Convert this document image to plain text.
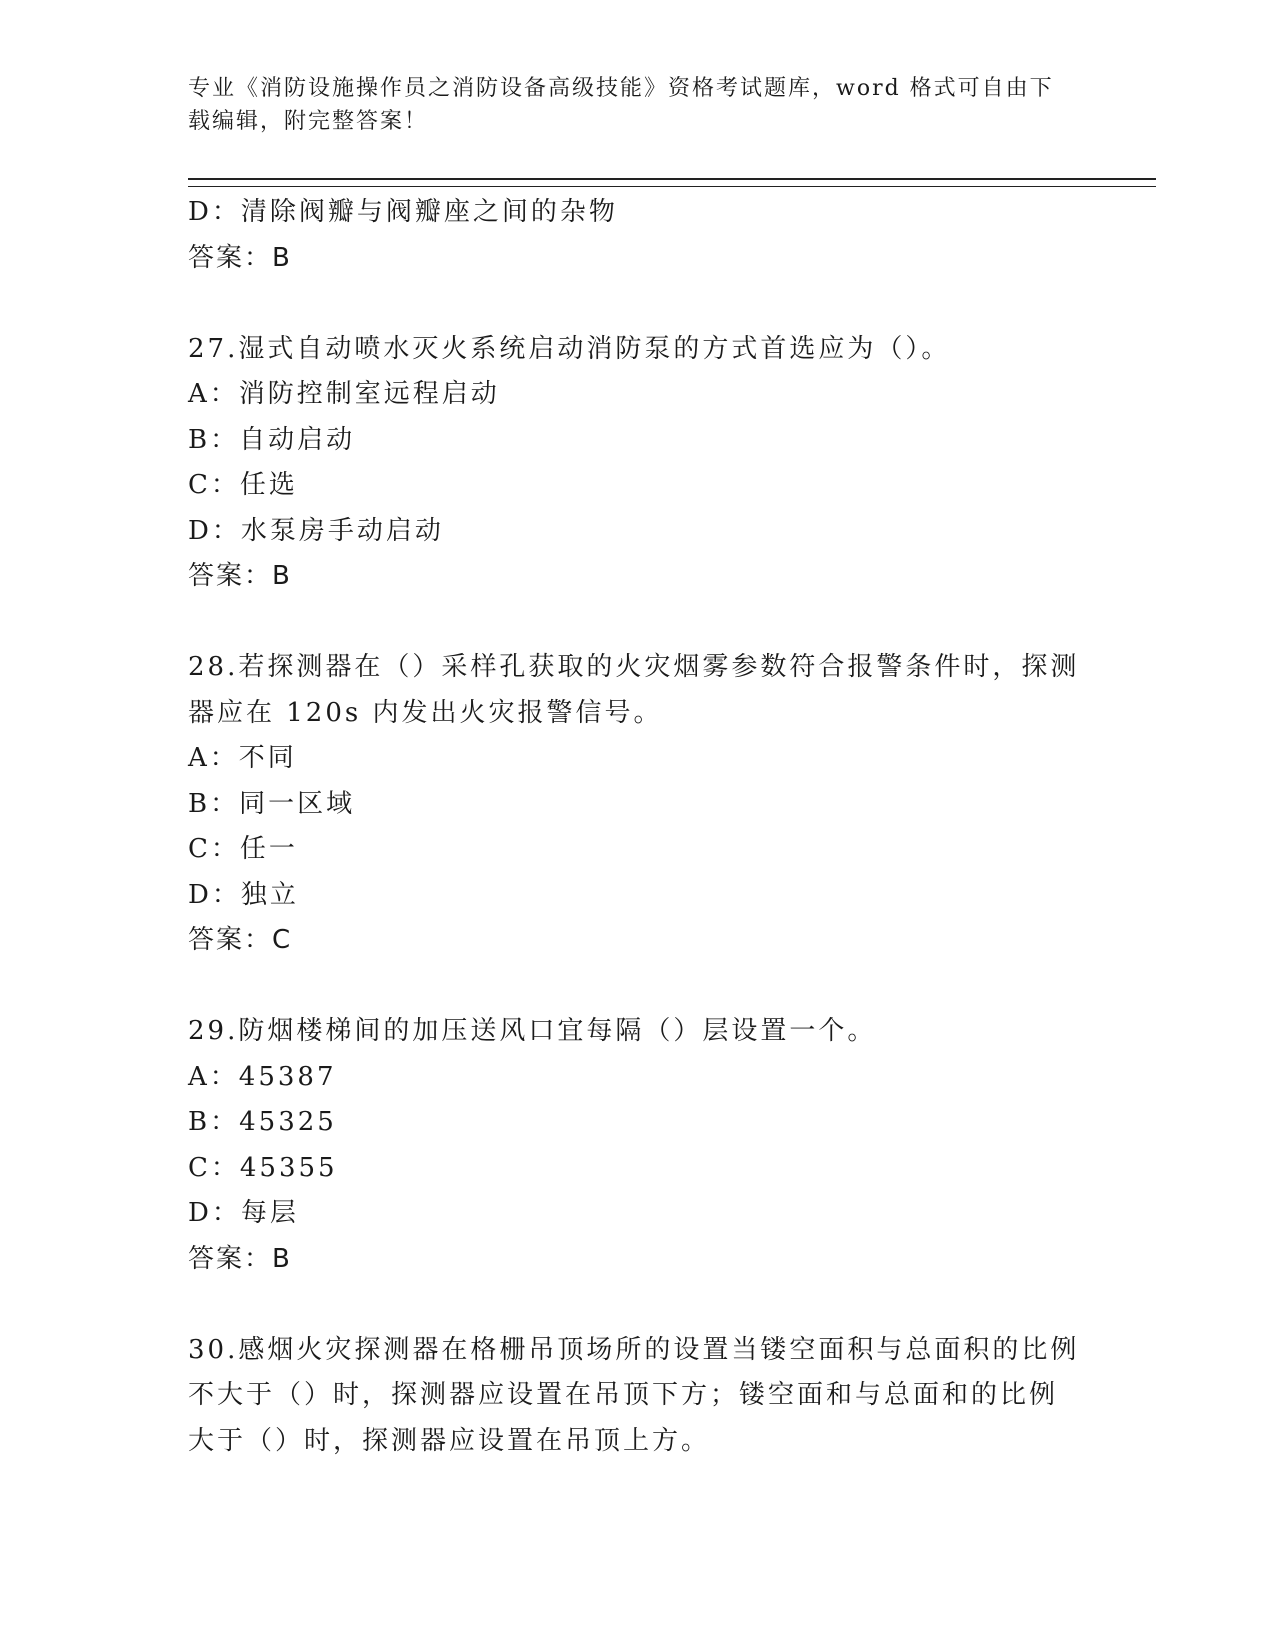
专业《消防设施操作员之消防设备高级技能》资格考试题库，word 格式可自由下
载编辑，附完整答案！
D：清除阀瓣与阀瓣座之间的杂物
答案：B
27.湿式自动喷水灭火系统启动消防泵的方式首选应为（）。
A：消防控制室远程启动
B：自动启动
C：任选
D：水泵房手动启动
答案：B
28.若探测器在（）采样孔获取的火灾烟雾参数符合报警条件时，探测
器应在 120s 内发出火灾报警信号。
A：不同
B：同一区域
C：任一
D：独立
答案：C
29.防烟楼梯间的加压送风口宜每隔（）层设置一个。
A：45387
B：45325
C：45355
D：每层
答案：B
30.感烟火灾探测器在格栅吊顶场所的设置当镂空面积与总面积的比例
不大于（）时，探测器应设置在吊顶下方；镂空面和与总面和的比例
大于（）时，探测器应设置在吊顶上方。
